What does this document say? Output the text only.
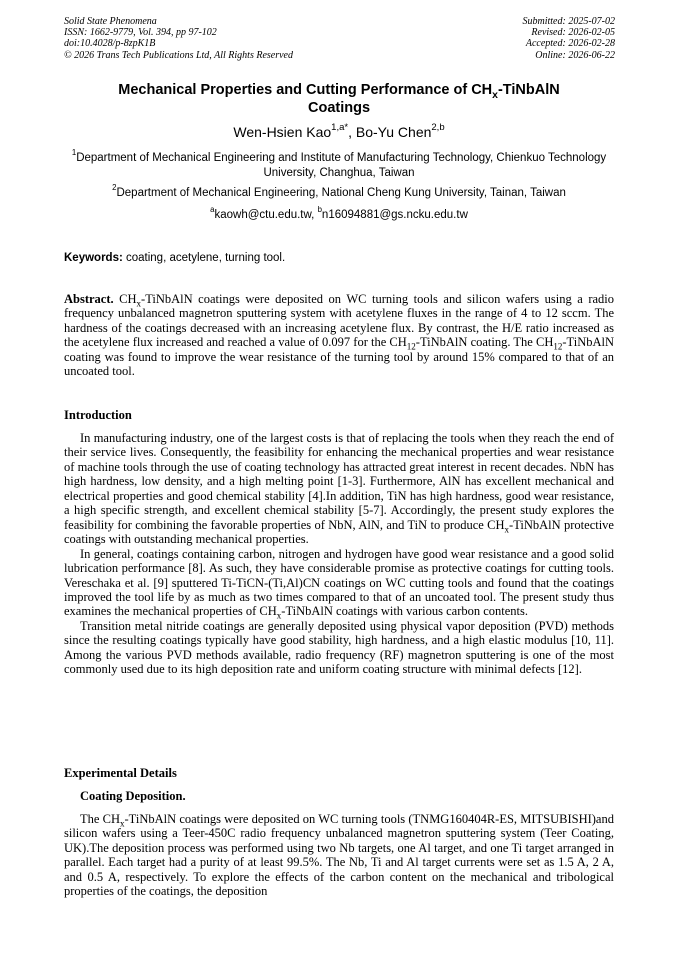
Solid State Phenomena
ISSN: 1662-9779, Vol. 394, pp 97-102
doi:10.4028/p-8zpK1B
© 2026 Trans Tech Publications Ltd, All Rights Reserved
Submitted: 2025-07-02
Revised: 2026-02-05
Accepted: 2026-02-28
Online: 2026-06-22
Mechanical Properties and Cutting Performance of $CH_x$-TiNbAlN
Coatings
Wen-Hsien Kao$^{1,a*}$, Bo-Yu Chen$^{2,b}$
$^1$Department of Mechanical Engineering and Institute of Manufacturing Technology, Chienkuo Technology University, Changhua, Taiwan
$^2$Department of Mechanical Engineering, National Cheng Kung University, Tainan, Taiwan
$^a$kaowh@ctu.edu.tw, $^b$n16094881@gs.ncku.edu.tw
Keywords: coating, acetylene, turning tool.
Abstract. $CH_x$-TiNbAlN coatings were deposited on WC turning tools and silicon wafers using a radio frequency unbalanced magnetron sputtering system with acetylene fluxes in the range of 4 to 12 sccm. The hardness of the coatings decreased with an increasing acetylene flux. By contrast, the H/E ratio increased as the acetylene flux increased and reached a value of 0.097 for the $CH_{12}$-TiNbAlN coating. The $CH_{12}$-TiNbAlN coating was found to improve the wear resistance of the turning tool by around 15% compared to that of an uncoated tool.
Introduction

In manufacturing industry, one of the largest costs is that of replacing the tools when they reach the end of their service lives. Consequently, the feasibility for enhancing the mechanical properties and wear resistance of machine tools through the use of coating technology has attracted great interest in recent decades. NbN has high hardness, low density, and a high melting point [1-3]. Furthermore, AlN has excellent mechanical and electrical properties and good chemical stability [4].In addition, TiN has high hardness, good wear resistance, a high specific strength, and excellent chemical stability [5-7]. Accordingly, the present study explores the feasibility for combining the favorable properties of NbN, AlN, and TiN to produce $CH_x$-TiNbAlN protective coatings with outstanding mechanical properties.

In general, coatings containing carbon, nitrogen and hydrogen have good wear resistance and a good solid lubrication performance [8]. As such, they have considerable promise as protective coatings for cutting tools. Vereschaka et al. [9] sputtered Ti-TiCN-(Ti,Al)CN coatings on WC cutting tools and found that the coatings improved the tool life by as much as two times compared to that of an uncoated tool. The present study thus examines the mechanical properties of $CH_x$-TiNbAlN coatings with various carbon contents.

Transition metal nitride coatings are generally deposited using physical vapor deposition (PVD) methods since the resulting coatings typically have good stability, high hardness, and a high elastic modulus [10, 11]. Among the various PVD methods available, radio frequency (RF) magnetron sputtering is one of the most commonly used due to its high deposition rate and uniform coating structure with minimal defects [12].

Experimental Details
Coating Deposition.

The $CH_x$-TiNbAlN coatings were deposited on WC turning tools (TNMG160404R-ES, MITSUBISHI)and silicon wafers using a Teer-450C radio frequency unbalanced magnetron sputtering system (Teer Coating, UK).The deposition process was performed using two Nb targets, one Al target, and one Ti target arranged in parallel. Each target had a purity of at least 99.5%. The Nb, Ti and Al target currents were set as 1.5 A, 2 A, and 0.5 A, respectively. To explore the effects of the carbon content on the mechanical and tribological properties of the coatings, the deposition
